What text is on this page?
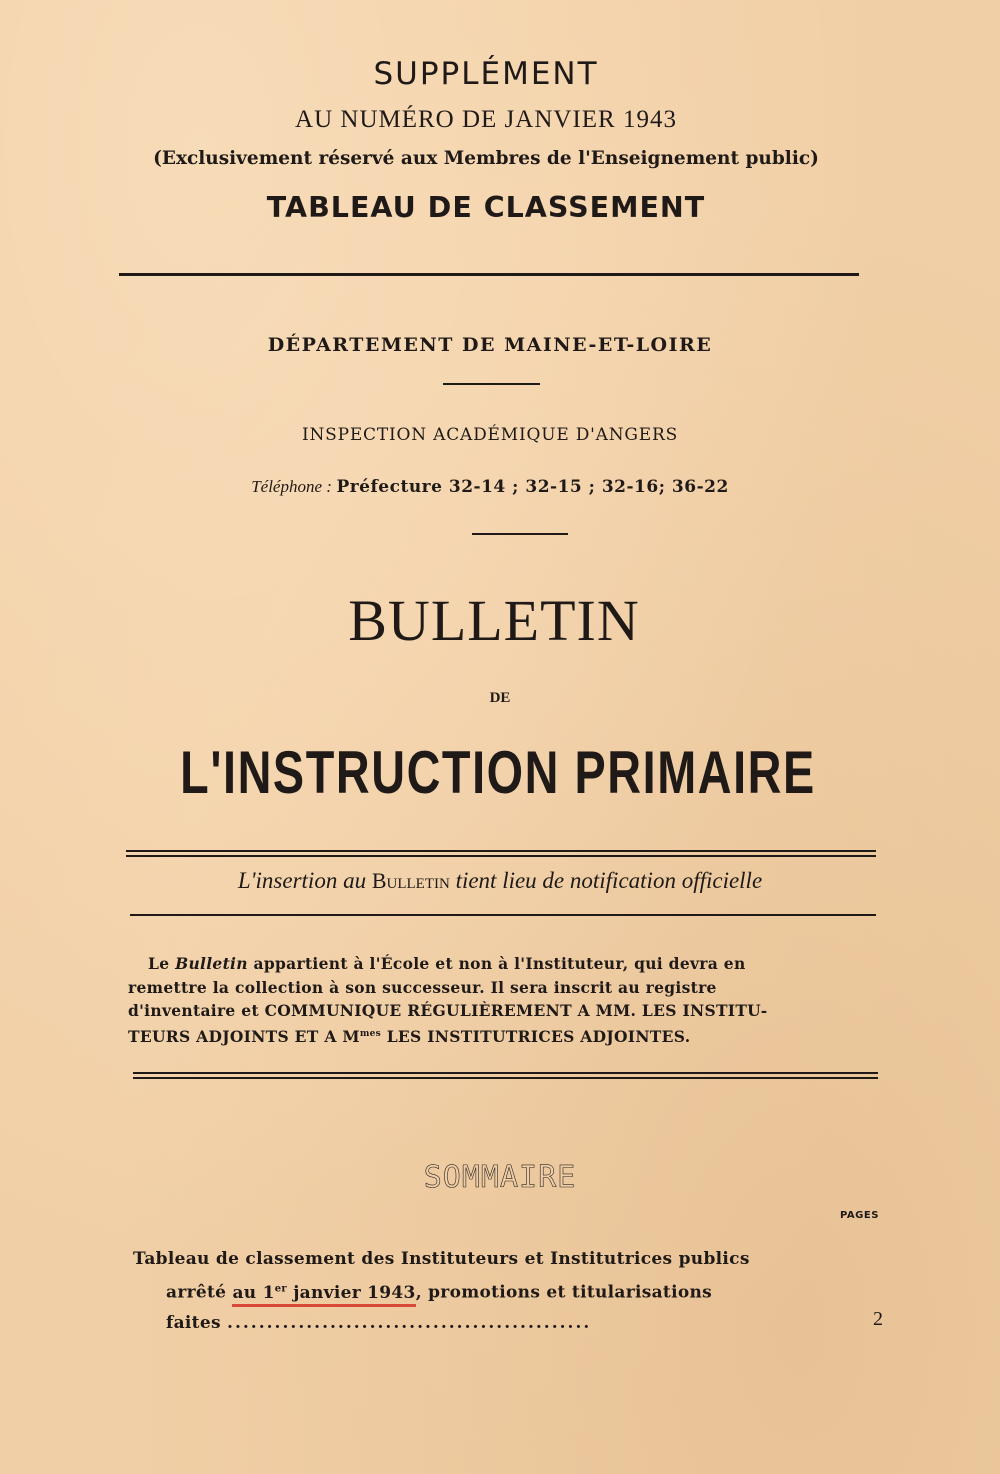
SUPPLÉMENT
AU NUMÉRO DE JANVIER 1943
(Exclusivement réservé aux Membres de l'Enseignement public)
TABLEAU DE CLASSEMENT
DÉPARTEMENT DE MAINE-ET-LOIRE
INSPECTION ACADÉMIQUE D'ANGERS
Téléphone : Préfecture 32-14 ; 32-15 ; 32-16; 36-22
BULLETIN
DE
L'INSTRUCTION PRIMAIRE
L'insertion au Bulletin tient lieu de notification officielle
Le Bulletin appartient à l'École et non à l'Instituteur, qui devra en
remettre la collection à son successeur. Il sera inscrit au registre
d'inventaire et COMMUNIQUE RÉGULIÈREMENT A MM. LES INSTITU-
TEURS ADJOINTS ET A $M^{mes}$ LES INSTITUTRICES ADJOINTES.
SOMMAIRE
PAGES
Tableau de classement des Instituteurs et Institutrices publics
arrêté au 1er janvier 1943, promotions et titularisations
faites ..............................................	2
